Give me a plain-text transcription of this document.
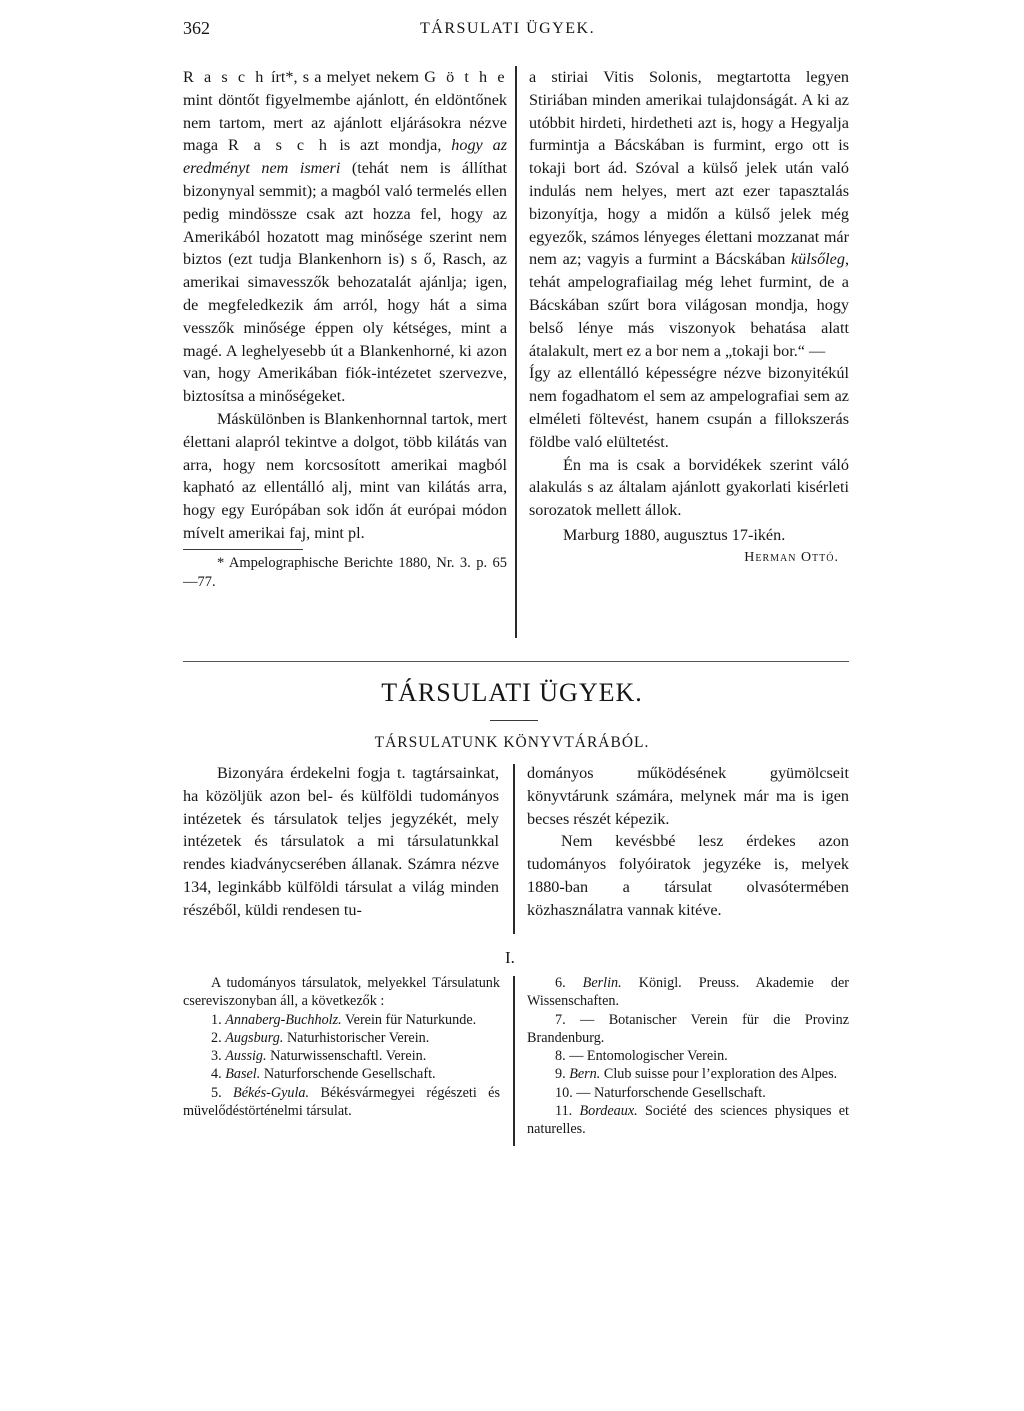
362	TÁRSULATI ÜGYEK.

R a s c h írt*, s a melyet nekem G ö t h e mint döntőt figyelmembe ajánlott, én eldöntőnek nem tartom, mert az ajánlott eljárásokra nézve maga R a s c h is azt mondja, hogy az eredményt nem ismeri (tehát nem is állíthat bizonynyal semmit); a magból való termelés ellen pedig mindössze csak azt hozza fel, hogy az Amerikából hozatott mag minősége szerint nem biztos (ezt tudja Blankenhorn is) s ő, Rasch, az amerikai simavesszők behozatalát ajánlja; igen, de megfeledkezik ám arról, hogy hát a sima vesszők minősége éppen oly kétséges, mint a magé. A leghelyesebb út a Blankenhorné, ki azon van, hogy Amerikában fiók-intézetet szervezve, biztosítsa a minőségeket.

Máskülönben is Blankenhornnal tartok, mert élettani alapról tekintve a dolgot, több kilátás van arra, hogy nem korcsosított amerikai magból kapható az ellentálló alj, mint van kilátás arra, hogy egy Európában sok időn át európai módon mívelt amerikai faj, mint pl.

* Ampelographische Berichte 1880, Nr. 3. p. 65—77.

a stiriai Vitis Solonis, megtartotta legyen Stiriában minden amerikai tulajdonságát. A ki az utóbbit hirdeti, hirdetheti azt is, hogy a Hegyalja furmintja a Bácskában is furmint, ergo ott is tokaji bort ád. Szóval a külső jelek után való indulás nem helyes, mert azt ezer tapasztalás bizonyítja, hogy a midőn a külső jelek még egyezők, számos lényeges élettani mozzanat már nem az; vagyis a furmint a Bácskában külsőleg, tehát ampelografiailag még lehet furmint, de a Bácskában szűrt bora világosan mondja, hogy belső lénye más viszonyok behatása alatt átalakult, mert ez a bor nem a „tokaji bor.“ —

Így az ellentálló képességre nézve bizonyitékúl nem fogadhatom el sem az ampelografiai sem az elméleti föltevést, hanem csupán a fillokszerás földbe való elültetést.

Én ma is csak a borvidékek szerint váló alakulás s az általam ajánlott gyakorlati kisérleti sorozatok mellett állok.

Marburg 1880, augusztus 17-ikén.

Herman Ottó.

TÁRSULATI ÜGYEK.
TÁRSULATUNK KÖNYVTÁRÁBÓL.

Bizonyára érdekelni fogja t. tagtársainkat, ha közöljük azon bel- és külföldi tudományos intézetek és társulatok teljes jegyzékét, mely intézetek és társulatok a mi társulatunkkal rendes kiadványcserében állanak. Számra nézve 134, leginkább külföldi társulat a világ minden részéből, küldi rendesen tu-

dományos működésének gyümölcseit könyvtárunk számára, melynek már ma is igen becses részét képezik.

Nem kevésbbé lesz érdekes azon tudományos folyóiratok jegyzéke is, melyek 1880-ban a társulat olvasótermében közhasználatra vannak kitéve.

I.

A tudományos társulatok, melyekkel Társulatunk csereviszonyban áll, a következők :

1. Annaberg-Buchholz. Verein für Naturkunde.

2. Augsburg. Naturhistorischer Verein.

3. Aussig. Naturwissenschaftl. Verein.

4. Basel. Naturforschende Gesellschaft.

5. Békés-Gyula. Békésvármegyei régészeti és müvelődéstörténelmi társulat.

6. Berlin. Königl. Preuss. Akademie der Wissenschaften.

7. — Botanischer Verein für die Provinz Brandenburg.

8. — Entomologischer Verein.

9. Bern. Club suisse pour l’exploration des Alpes.

10. — Naturforschende Gesellschaft.

11. Bordeaux. Société des sciences physiques et naturelles.
